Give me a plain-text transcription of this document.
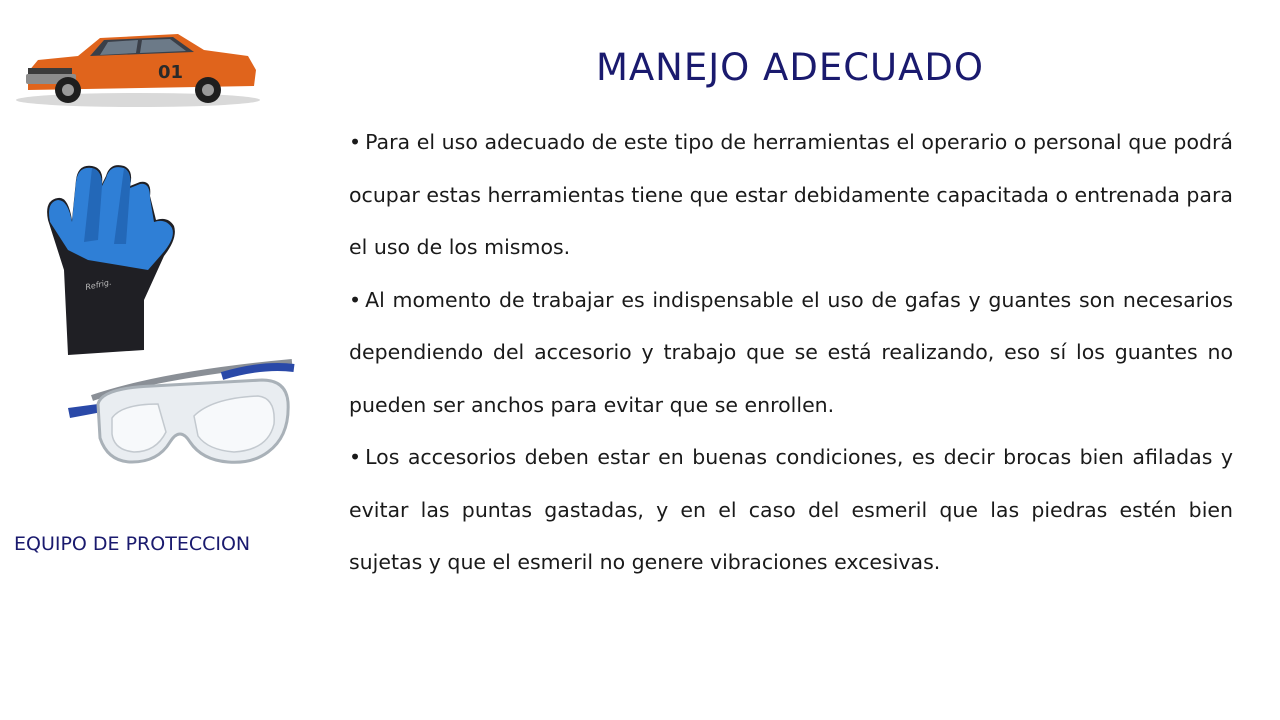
01
Refrig.
MANEJO ADECUADO
• Para el uso adecuado de este tipo de herramientas el operario o personal que podrá ocupar estas herramientas tiene que estar debidamente capacitada o entrenada para el uso de los mismos.
• Al momento de trabajar es indispensable el uso de gafas y guantes son necesarios dependiendo del accesorio y trabajo que se está realizando, eso sí los guantes no pueden ser anchos para evitar que se enrollen.
• Los accesorios deben estar en buenas condiciones, es decir brocas bien afiladas y evitar las puntas gastadas, y en el caso del esmeril que las piedras estén bien sujetas y que el esmeril no genere vibraciones excesivas.
EQUIPO DE PROTECCION
